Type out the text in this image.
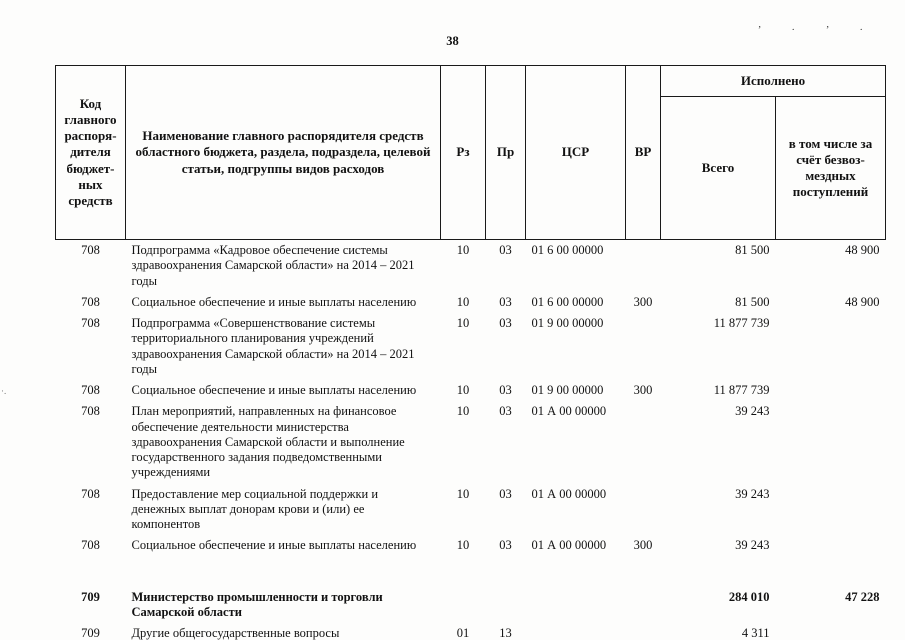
38
’ · ’ ·
·.
Код главного распоря-дителя бюджет-ных средств	Наименование главного распорядителя средств областного бюджета, раздела, подраздела, целевой статьи, подгруппы видов расходов	Рз	Пр	ЦСР	ВР	Исполнено	
						Всего	в том числе за счёт безвоз-мездных поступлений
708	Подпрограмма «Кадровое обеспечение системы здравоохранения Самарской области» на 2014 – 2021 годы	10	03	01 6 00 00000		81 500	48 900
708	Социальное обеспечение и иные выплаты населению	10	03	01 6 00 00000	300	81 500	48 900
708	Подпрограмма «Совершенствование системы территориального планирования учреждений здравоохранения Самарской области» на 2014 – 2021 годы	10	03	01 9 00 00000		11 877 739	
708	Социальное обеспечение и иные выплаты населению	10	03	01 9 00 00000	300	11 877 739	
708	План мероприятий, направленных на финансовое обеспечение деятельности министерства здравоохранения Самарской области и выполнение государственного задания подведомственными учреждениями	10	03	01 А 00 00000		39 243	
708	Предоставление мер социальной поддержки и денежных выплат донорам крови и (или) ее компонентов	10	03	01 А 00 00000		39 243	
708	Социальное обеспечение и иные выплаты населению	10	03	01 А 00 00000	300	39 243	

709	Министерство промышленности и торговли Самарской области					284 010	47 228
709	Другие общегосударственные вопросы	01	13			4 311	
